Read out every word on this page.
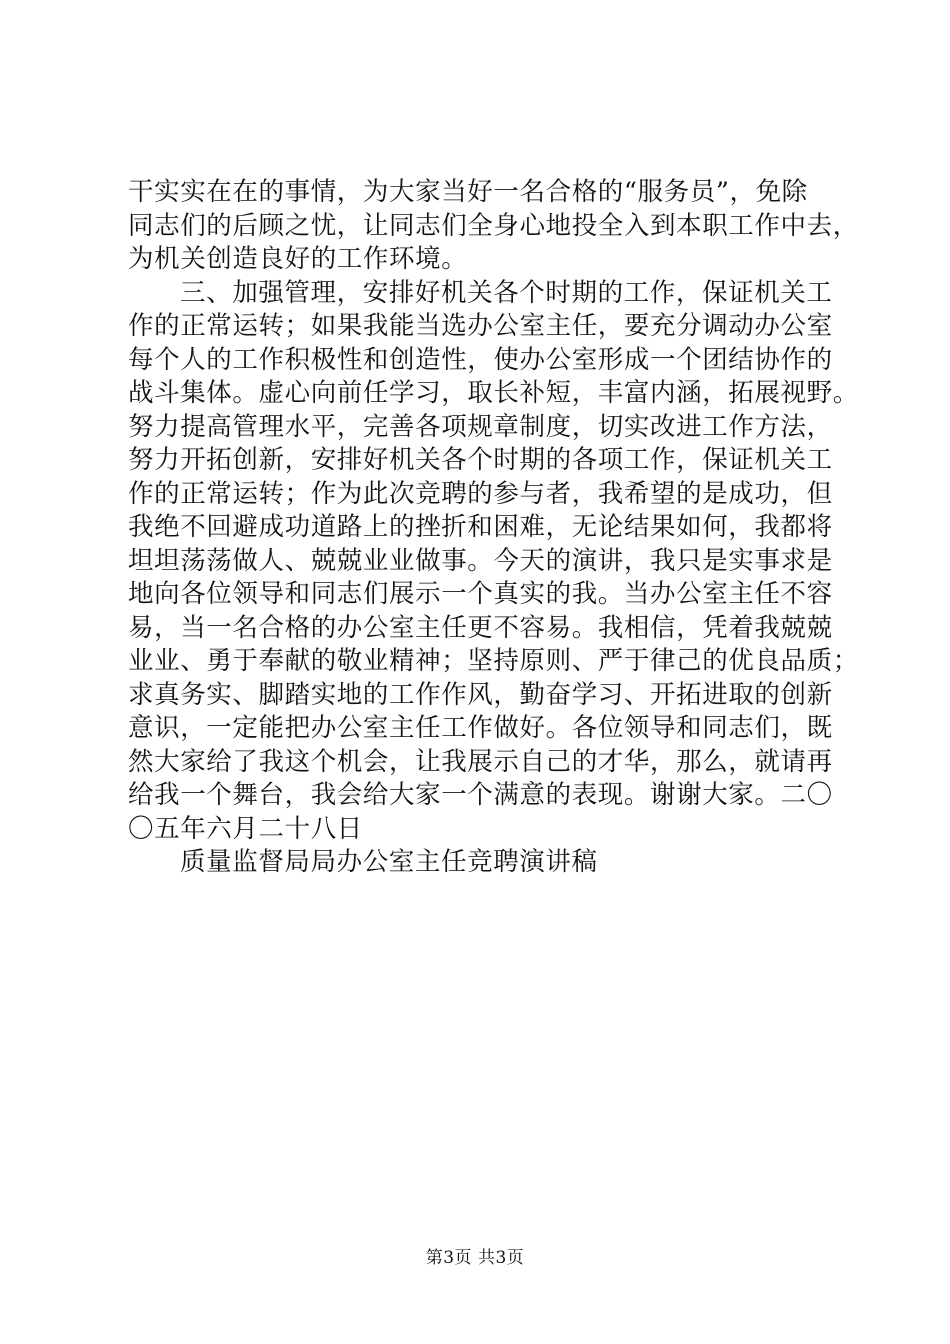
干实实在在的事情，为大家当好一名合格的“服务员”，免除
同志们的后顾之忧，让同志们全身心地投全入到本职工作中去，
为机关创造良好的工作环境。
三、加强管理，安排好机关各个时期的工作，保证机关工
作的正常运转；如果我能当选办公室主任，要充分调动办公室
每个人的工作积极性和创造性，使办公室形成一个团结协作的
战斗集体。虚心向前任学习，取长补短，丰富内涵，拓展视野。
努力提高管理水平，完善各项规章制度，切实改进工作方法，
努力开拓创新，安排好机关各个时期的各项工作，保证机关工
作的正常运转；作为此次竞聘的参与者，我希望的是成功，但
我绝不回避成功道路上的挫折和困难，无论结果如何，我都将
坦坦荡荡做人、兢兢业业做事。今天的演讲，我只是实事求是
地向各位领导和同志们展示一个真实的我。当办公室主任不容
易，当一名合格的办公室主任更不容易。我相信，凭着我兢兢
业业、勇于奉献的敬业精神；坚持原则、严于律己的优良品质；
求真务实、脚踏实地的工作作风，勤奋学习、开拓进取的创新
意识，一定能把办公室主任工作做好。各位领导和同志们，既
然大家给了我这个机会，让我展示自己的才华，那么，就请再
给我一个舞台，我会给大家一个满意的表现。谢谢大家。二〇
〇五年六月二十八日
质量监督局局办公室主任竞聘演讲稿
第3页 共3页
